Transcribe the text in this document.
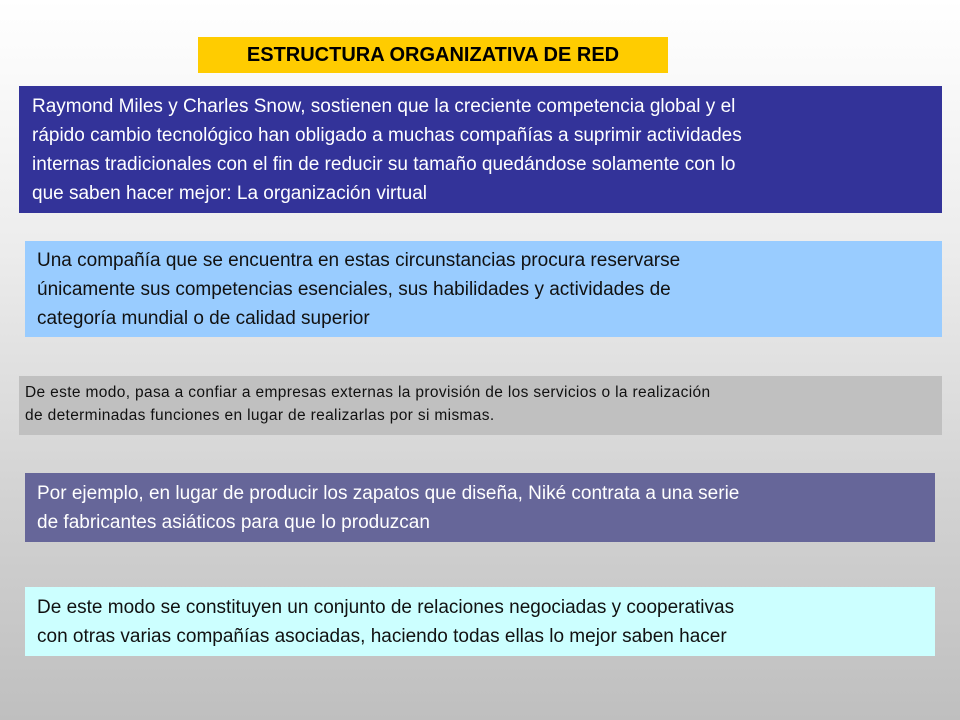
ESTRUCTURA ORGANIZATIVA DE RED
Raymond Miles y Charles Snow, sostienen que la creciente competencia global y el
rápido cambio tecnológico han obligado a muchas compañías a suprimir actividades
internas tradicionales con el fin de reducir su tamaño quedándose solamente con lo
que saben hacer mejor: La organización virtual
Una compañía que se encuentra en estas circunstancias procura reservarse
únicamente sus competencias esenciales, sus habilidades y actividades de
categoría mundial o de calidad superior
De este modo, pasa a confiar a empresas externas la provisión de los servicios o la realización
de determinadas funciones en lugar de realizarlas por si mismas.
Por ejemplo, en lugar de producir los zapatos que diseña, Niké contrata a una serie
de fabricantes asiáticos para que lo produzcan
De este modo se constituyen un conjunto de relaciones negociadas y cooperativas
con otras varias compañías asociadas, haciendo todas ellas lo mejor saben hacer
